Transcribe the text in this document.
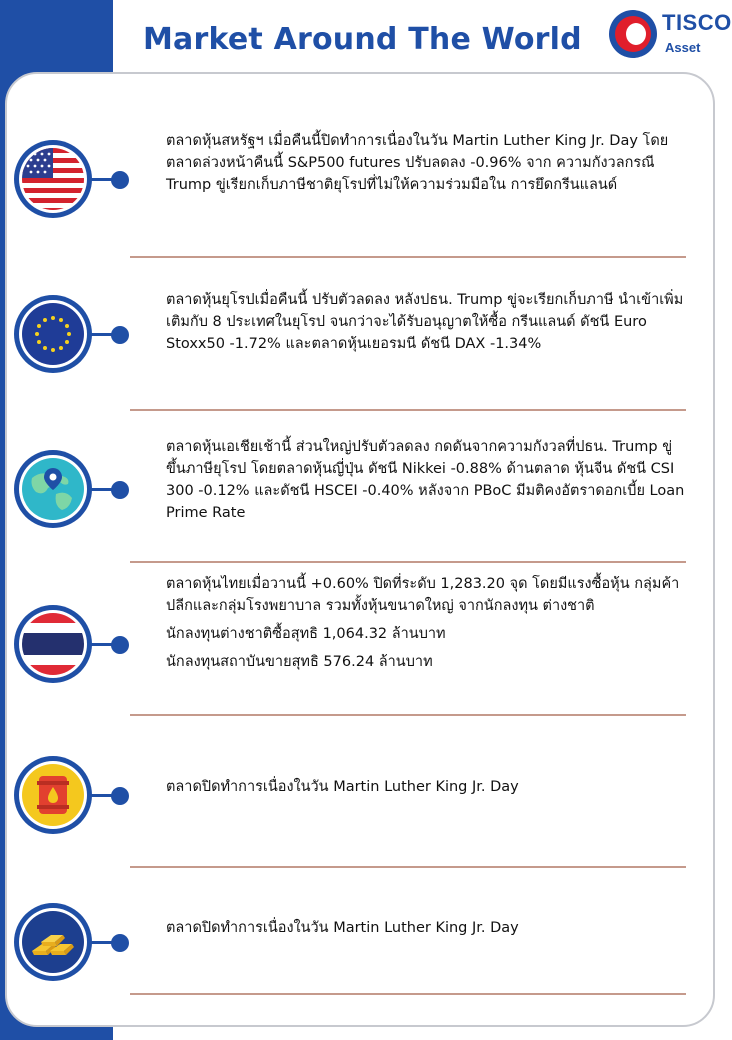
Market Around The World	TISCO
Asset

ตลาดหุ้นสหรัฐฯ เมื่อคืนนี้ปิดทำการเนื่องในวัน Martin Luther King Jr. Day โดยตลาดล่วงหน้าคืนนี้ S&P500 futures ปรับลดลง -0.96% จาก ความกังวลกรณี Trump ขู่เรียกเก็บภาษีชาติยุโรปที่ไม่ให้ความร่วมมือใน การยึดกรีนแลนด์

ตลาดหุ้นยุโรปเมื่อคืนนี้ ปรับตัวลดลง หลังปธน. Trump ขู่จะเรียกเก็บภาษี นำเข้าเพิ่มเติมกับ 8 ประเทศในยุโรป จนกว่าจะได้รับอนุญาตให้ซื้อ กรีนแลนด์ ดัชนี Euro Stoxx50 -1.72% และตลาดหุ้นเยอรมนี ดัชนี DAX -1.34%

ตลาดหุ้นเอเชียเช้านี้ ส่วนใหญ่ปรับตัวลดลง กดดันจากความกังวลที่ปธน. Trump ขู่ขึ้นภาษียุโรป โดยตลาดหุ้นญี่ปุ่น ดัชนี Nikkei -0.88% ด้านตลาด หุ้นจีน ดัชนี CSI 300 -0.12% และดัชนี HSCEI -0.40% หลังจาก PBoC มีมติคงอัตราดอกเบี้ย Loan Prime Rate

ตลาดหุ้นไทยเมื่อวานนี้ +0.60% ปิดที่ระดับ 1,283.20 จุด โดยมีแรงซื้อหุ้น กลุ่มค้าปลีกและกลุ่มโรงพยาบาล รวมทั้งหุ้นขนาดใหญ่ จากนักลงทุน ต่างชาติ

นักลงทุนต่างชาติซื้อสุทธิ 1,064.32 ล้านบาท

นักลงทุนสถาบันขายสุทธิ 576.24 ล้านบาท

ตลาดปิดทำการเนื่องในวัน Martin Luther King Jr. Day

ตลาดปิดทำการเนื่องในวัน Martin Luther King Jr. Day
